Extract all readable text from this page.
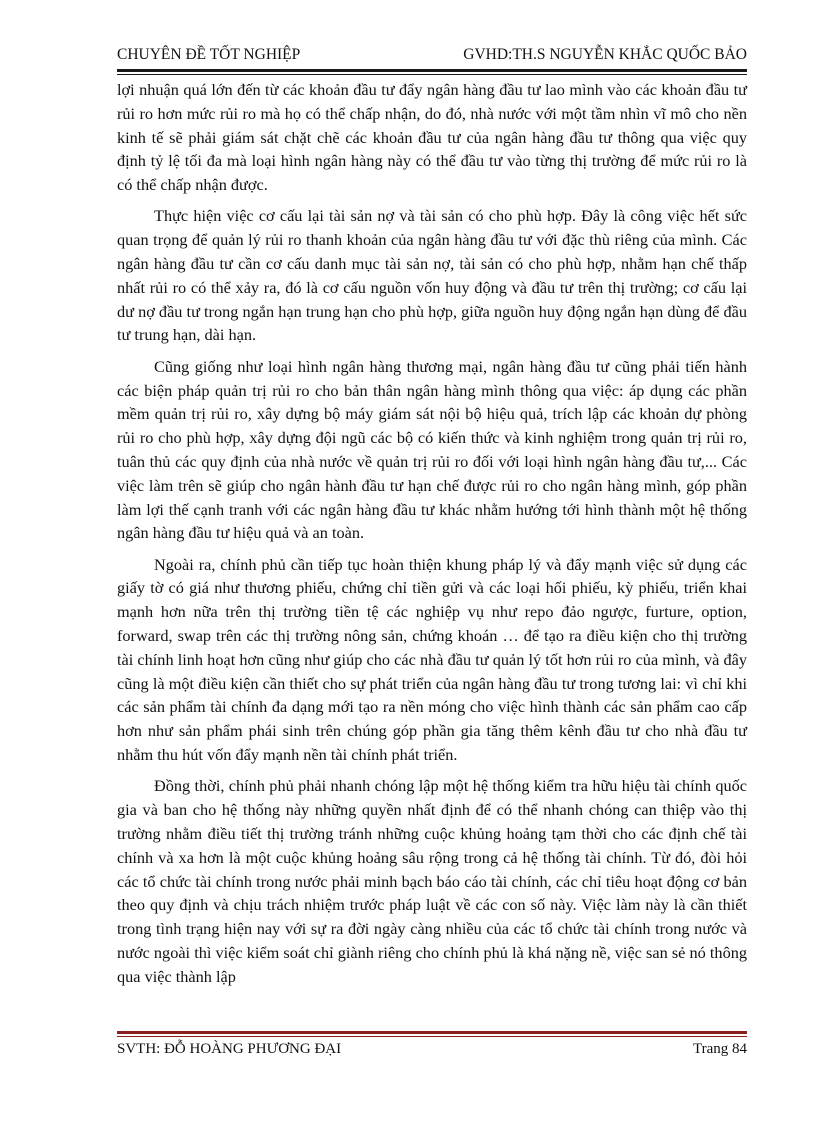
CHUYÊN ĐỀ TỐT NGHIỆP	GVHD:TH.S NGUYỄN KHẮC QUỐC BẢO

lợi nhuận quá lớn đến từ các khoản đầu tư đẩy ngân hàng đầu tư lao mình vào các khoản đầu tư rủi ro hơn mức rủi ro mà họ có thể chấp nhận, do đó, nhà nước với một tầm nhìn vĩ mô cho nền kinh tế sẽ phải giám sát chặt chẽ các khoản đầu tư của ngân hàng đầu tư thông qua việc quy định tỷ lệ tối đa mà loại hình ngân hàng này có thể đầu tư vào từng thị trường để mức rủi ro là có thể chấp nhận được.

Thực hiện việc cơ cấu lại tài sản nợ và tài sản có cho phù hợp. Đây là công việc hết sức quan trọng để quản lý rủi ro thanh khoản của ngân hàng đầu tư với đặc thù riêng của mình. Các ngân hàng đầu tư cần cơ cấu danh mục tài sản nợ, tài sản có cho phù hợp, nhằm hạn chế thấp nhất rủi ro có thể xảy ra, đó là cơ cấu nguồn vốn huy động và đầu tư trên thị trường; cơ cấu lại dư nợ đầu tư trong ngắn hạn trung hạn cho phù hợp, giữa nguồn huy động ngắn hạn dùng để đầu tư trung hạn, dài hạn.

Cũng giống như loại hình ngân hàng thương mại, ngân hàng đầu tư cũng phải tiến hành các biện pháp quản trị rủi ro cho bản thân ngân hàng mình thông qua việc: áp dụng các phần mềm quản trị rủi ro, xây dựng bộ máy giám sát nội bộ hiệu quả, trích lập các khoản dự phòng rủi ro cho phù hợp, xây dựng đội ngũ các bộ có kiến thức và kinh nghiệm trong quản trị rủi ro, tuân thủ các quy định của nhà nước về quản trị rủi ro đối với loại hình ngân hàng đầu tư,... Các việc làm trên sẽ giúp cho ngân hành đầu tư hạn chế được rủi ro cho ngân hàng mình, góp phần làm lợi thế cạnh tranh với các ngân hàng đầu tư khác nhằm hướng tới hình thành một hệ thống ngân hàng đầu tư hiệu quả và an toàn.

Ngoài ra, chính phủ cần tiếp tục hoàn thiện khung pháp lý và đẩy mạnh việc sử dụng các giấy tờ có giá như thương phiếu, chứng chỉ tiền gửi và các loại hối phiếu, kỳ phiếu, triển khai mạnh hơn nữa trên thị trường tiền tệ các nghiệp vụ như repo đảo ngược, furture, option, forward, swap trên các thị trường nông sản, chứng khoán … để tạo ra điều kiện cho thị trường tài chính linh hoạt hơn cũng như giúp cho các nhà đầu tư quản lý tốt hơn rủi ro của mình, và đây cũng là một điều kiện cần thiết cho sự phát triển của ngân hàng đầu tư trong tương lai: vì chỉ khi các sản phẩm tài chính đa dạng mới tạo ra nền móng cho việc hình thành các sản phẩm cao cấp hơn như sản phẩm phái sinh trên chúng góp phần gia tăng thêm kênh đầu tư cho nhà đầu tư nhằm thu hút vốn đẩy mạnh nền tài chính phát triển.

Đồng thời, chính phủ phải nhanh chóng lập một hệ thống kiểm tra hữu hiệu tài chính quốc gia và ban cho hệ thống này những quyền nhất định để có thể nhanh chóng can thiệp vào thị trường nhằm điều tiết thị trường tránh những cuộc khủng hoảng tạm thời cho các định chế tài chính và xa hơn là một cuộc khủng hoảng sâu rộng trong cả hệ thống tài chính. Từ đó, đòi hỏi các tổ chức tài chính trong nước phải minh bạch báo cáo tài chính, các chỉ tiêu hoạt động cơ bản theo quy định và chịu trách nhiệm trước pháp luật về các con số này. Việc làm này là cần thiết trong tình trạng hiện nay với sự ra đời ngày càng nhiều của các tổ chức tài chính trong nước và nước ngoài thì việc kiểm soát chỉ giành riêng cho chính phủ là khá nặng nề, việc san sẻ nó thông qua việc thành lập

SVTH: ĐỖ HOÀNG PHƯƠNG ĐẠI	Trang 84
